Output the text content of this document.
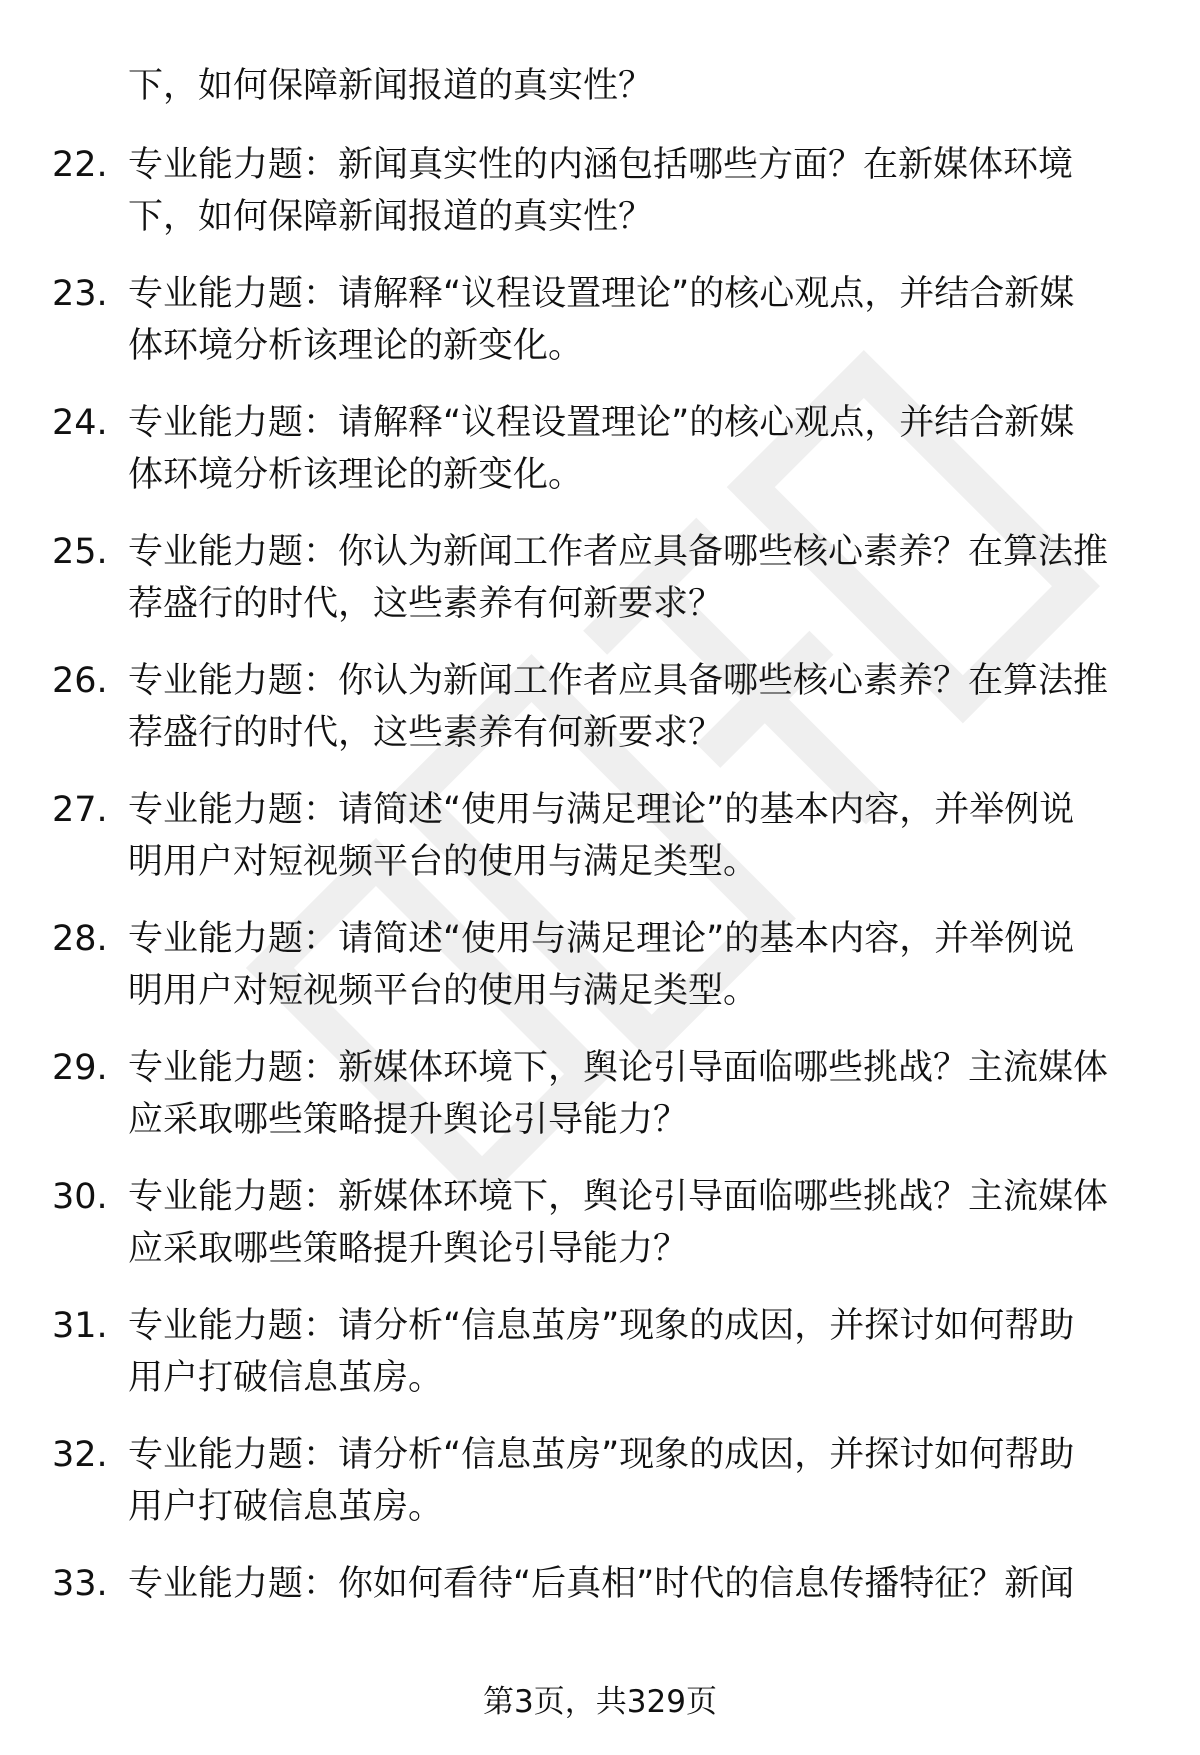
下，如何保障新闻报道的真实性？
22. 专业能力题：新闻真实性的内涵包括哪些方面？在新媒体环境
下，如何保障新闻报道的真实性？
23. 专业能力题：请解释“议程设置理论”的核心观点，并结合新媒
体环境分析该理论的新变化。
24. 专业能力题：请解释“议程设置理论”的核心观点，并结合新媒
体环境分析该理论的新变化。
25. 专业能力题：你认为新闻工作者应具备哪些核心素养？在算法推
荐盛行的时代，这些素养有何新要求？
26. 专业能力题：你认为新闻工作者应具备哪些核心素养？在算法推
荐盛行的时代，这些素养有何新要求？
27. 专业能力题：请简述“使用与满足理论”的基本内容，并举例说
明用户对短视频平台的使用与满足类型。
28. 专业能力题：请简述“使用与满足理论”的基本内容，并举例说
明用户对短视频平台的使用与满足类型。
29. 专业能力题：新媒体环境下，舆论引导面临哪些挑战？主流媒体
应采取哪些策略提升舆论引导能力？
30. 专业能力题：新媒体环境下，舆论引导面临哪些挑战？主流媒体
应采取哪些策略提升舆论引导能力？
31. 专业能力题：请分析“信息茧房”现象的成因，并探讨如何帮助
用户打破信息茧房。
32. 专业能力题：请分析“信息茧房”现象的成因，并探讨如何帮助
用户打破信息茧房。
33. 专业能力题：你如何看待“后真相”时代的信息传播特征？新闻
第3页，共329页
